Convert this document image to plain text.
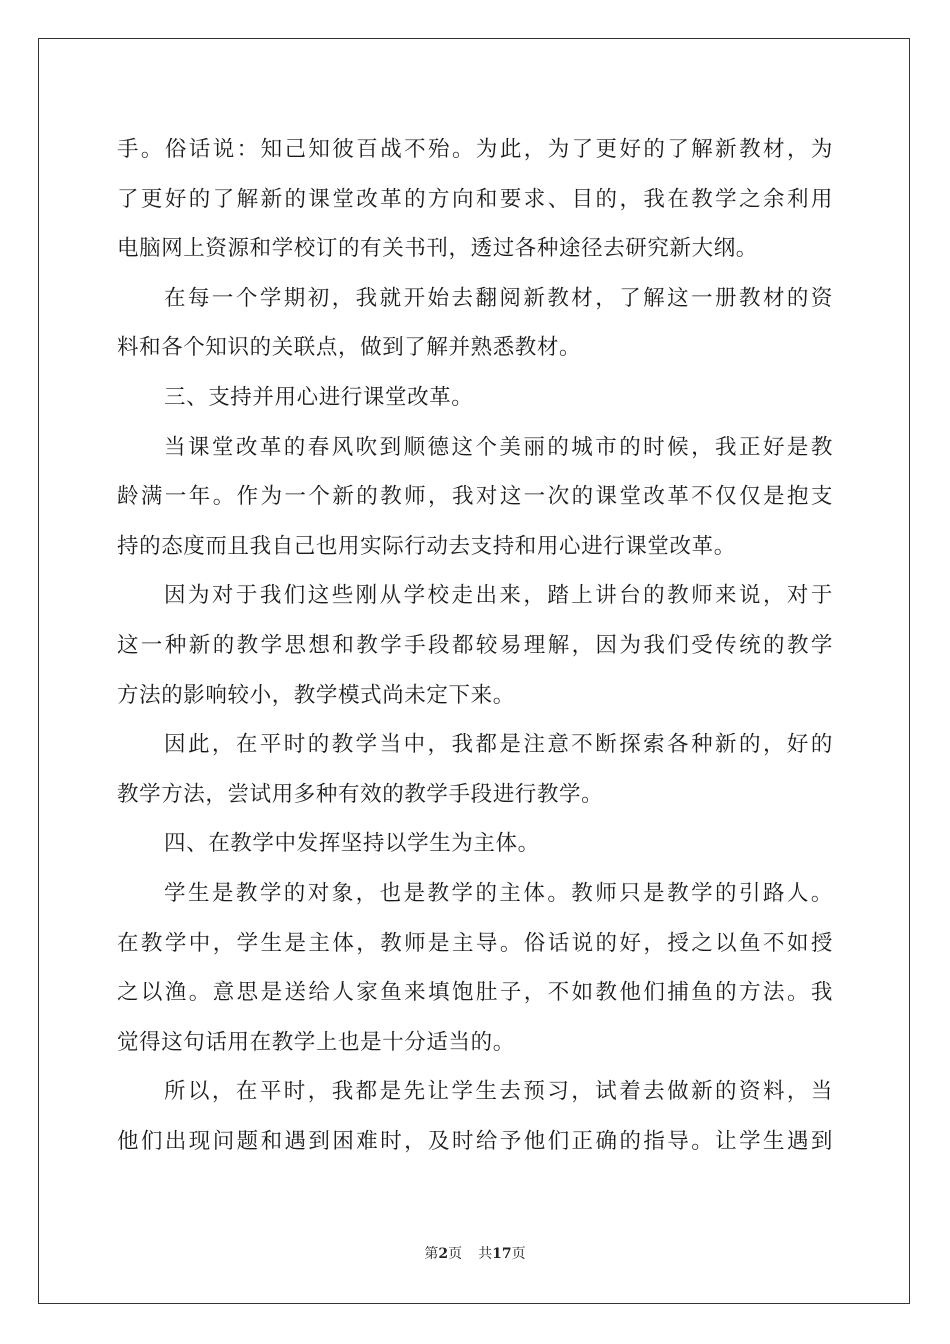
手。俗话说：知己知彼百战不殆。为此，为了更好的了解新教材，为
了更好的了解新的课堂改革的方向和要求、目的，我在教学之余利用
电脑网上资源和学校订的有关书刊，透过各种途径去研究新大纲。
在每一个学期初，我就开始去翻阅新教材，了解这一册教材的资
料和各个知识的关联点，做到了解并熟悉教材。
三、支持并用心进行课堂改革。
当课堂改革的春风吹到顺德这个美丽的城市的时候，我正好是教
龄满一年。作为一个新的教师，我对这一次的课堂改革不仅仅是抱支
持的态度而且我自己也用实际行动去支持和用心进行课堂改革。
因为对于我们这些刚从学校走出来，踏上讲台的教师来说，对于
这一种新的教学思想和教学手段都较易理解，因为我们受传统的教学
方法的影响较小，教学模式尚未定下来。
因此，在平时的教学当中，我都是注意不断探索各种新的，好的
教学方法，尝试用多种有效的教学手段进行教学。
四、在教学中发挥坚持以学生为主体。
学生是教学的对象，也是教学的主体。教师只是教学的引路人。
在教学中，学生是主体，教师是主导。俗话说的好，授之以鱼不如授
之以渔。意思是送给人家鱼来填饱肚子，不如教他们捕鱼的方法。我
觉得这句话用在教学上也是十分适当的。
所以，在平时，我都是先让学生去预习，试着去做新的资料，当
他们出现问题和遇到困难时，及时给予他们正确的指导。让学生遇到
第2页 共17页
